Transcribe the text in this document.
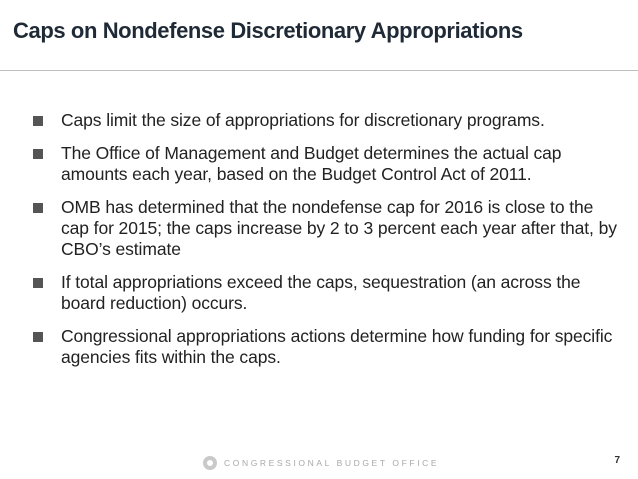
Caps on Nondefense Discretionary Appropriations
Caps limit the size of appropriations for discretionary programs.
The Office of Management and Budget determines the actual cap amounts each year, based on the Budget Control Act of 2011.
OMB has determined that the nondefense cap for 2016 is close to the cap for 2015; the caps increase by 2 to 3 percent each year after that, by CBO’s estimate
If total appropriations exceed the caps, sequestration (an across the board reduction) occurs.
Congressional appropriations actions determine how funding for specific agencies fits within the caps.
CONGRESSIONAL BUDGET OFFICE	7
